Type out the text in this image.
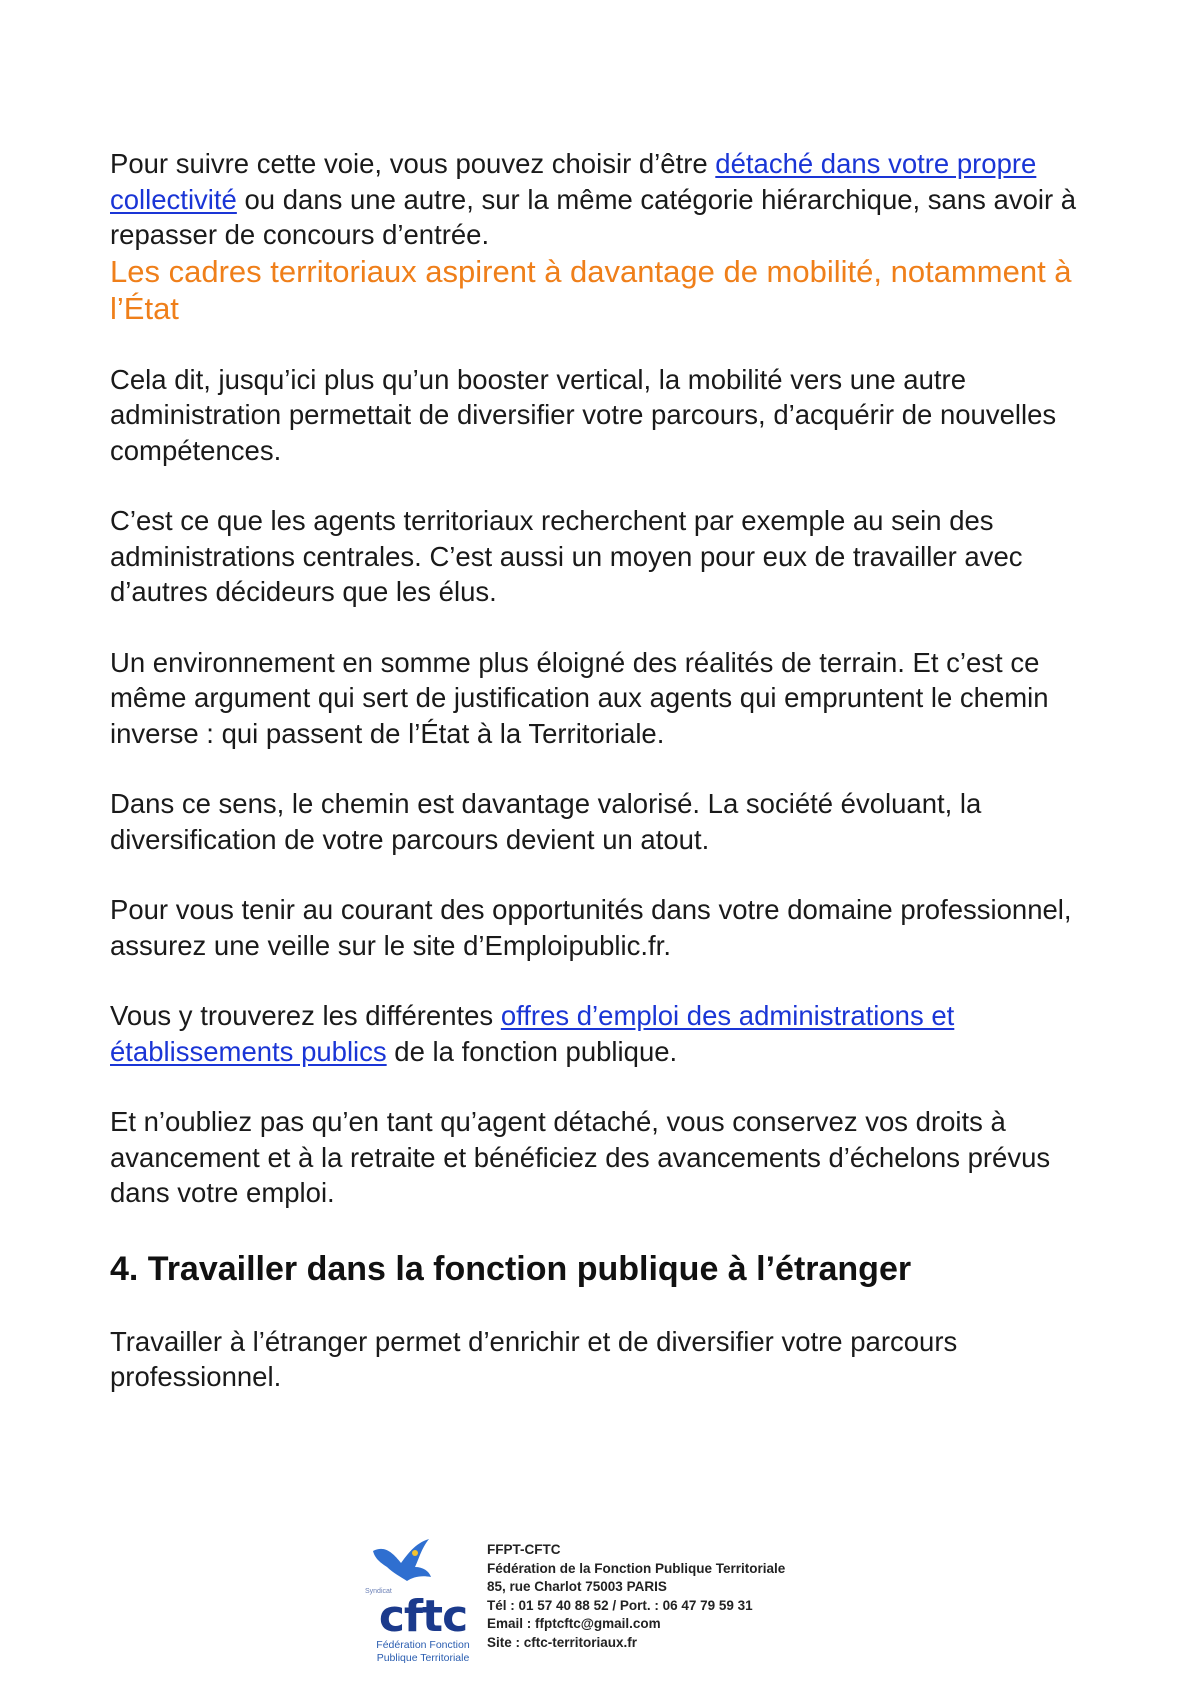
Pour suivre cette voie, vous pouvez choisir d’être détaché dans votre propre collectivité ou dans une autre, sur la même catégorie hiérarchique, sans avoir à repasser de concours d’entrée.

Les cadres territoriaux aspirent à davantage de mobilité, notamment à l’État

Cela dit, jusqu’ici plus qu’un booster vertical, la mobilité vers une autre administration permettait de diversifier votre parcours, d’acquérir de nouvelles compétences.

C’est ce que les agents territoriaux recherchent par exemple au sein des administrations centrales. C’est aussi un moyen pour eux de travailler avec d’autres décideurs que les élus.

Un environnement en somme plus éloigné des réalités de terrain. Et c’est ce même argument qui sert de justification aux agents qui empruntent le chemin inverse : qui passent de l’État à la Territoriale.

Dans ce sens, le chemin est davantage valorisé. La société évoluant, la diversification de votre parcours devient un atout.

Pour vous tenir au courant des opportunités dans votre domaine professionnel, assurez une veille sur le site d’Emploipublic.fr.

Vous y trouverez les différentes offres d’emploi des administrations et établissements publics de la fonction publique.

Et n’oubliez pas qu’en tant qu’agent détaché, vous conservez vos droits à avancement et à la retraite et bénéficiez des avancements d’échelons prévus dans votre emploi.

4. Travailler dans la fonction publique à l’étranger

Travailler à l’étranger permet d’enrichir et de diversifier votre parcours professionnel.

Syndicat
cftc
Fédération Fonction
Publique Territoriale
FFPT-CFTC
Fédération de la Fonction Publique Territoriale
85, rue Charlot 75003 PARIS
Tél : 01 57 40 88 52 / Port. : 06 47 79 59 31
Email : ffptcftc@gmail.com
Site : cftc-territoriaux.fr
